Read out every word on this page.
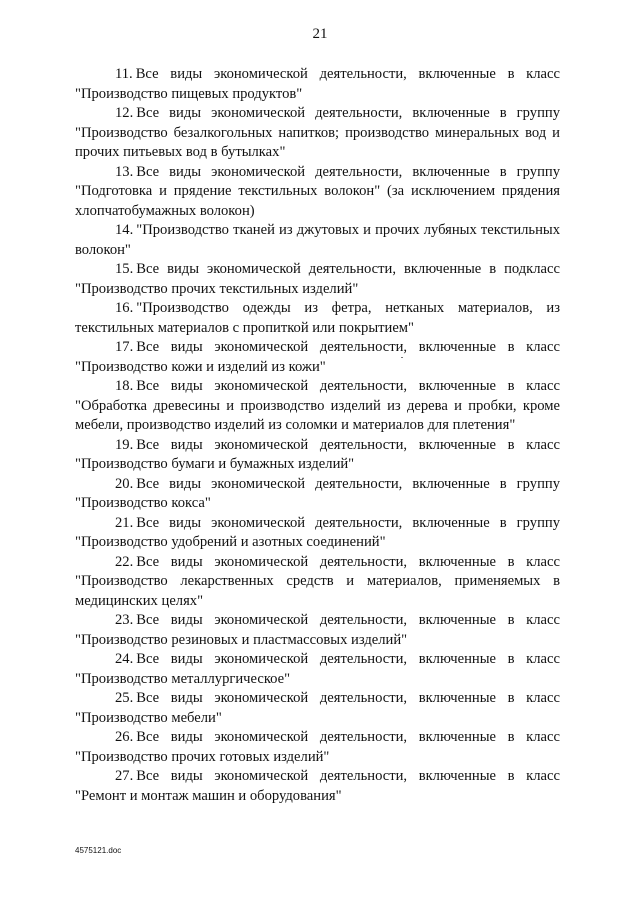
21

11. Все виды экономической деятельности, включенные в класс "Производство пищевых продуктов"

12. Все виды экономической деятельности, включенные в группу "Производство безалкогольных напитков; производство минеральных вод и прочих питьевых вод в бутылках"

13. Все виды экономической деятельности, включенные в группу "Подготовка и прядение текстильных волокон" (за исключением прядения хлопчатобумажных волокон)

14. "Производство тканей из джутовых и прочих лубяных текстильных волокон"

15. Все виды экономической деятельности, включенные в подкласс "Производство прочих текстильных изделий"

16. "Производство одежды из фетра, нетканых материалов, из текстильных материалов с пропиткой или покрытием"

17. Все виды экономической деятельности, включенные в класс "Производство кожи и изделий из кожи"

18. Все виды экономической деятельности, включенные в класс "Обработка древесины и производство изделий из дерева и пробки, кроме мебели, производство изделий из соломки и материалов для плетения"

19. Все виды экономической деятельности, включенные в класс "Производство бумаги и бумажных изделий"

20. Все виды экономической деятельности, включенные в группу "Производство кокса"

21. Все виды экономической деятельности, включенные в группу "Производство удобрений и азотных соединений"

22. Все виды экономической деятельности, включенные в класс "Производство лекарственных средств и материалов, применяемых в медицинских целях"

23. Все виды экономической деятельности, включенные в класс "Производство резиновых и пластмассовых изделий"

24. Все виды экономической деятельности, включенные в класс "Производство металлургическое"

25. Все виды экономической деятельности, включенные в класс "Производство мебели"

26. Все виды экономической деятельности, включенные в класс "Производство прочих готовых изделий"

27. Все виды экономической деятельности, включенные в класс "Ремонт и монтаж машин и оборудования"

4575121.doc
